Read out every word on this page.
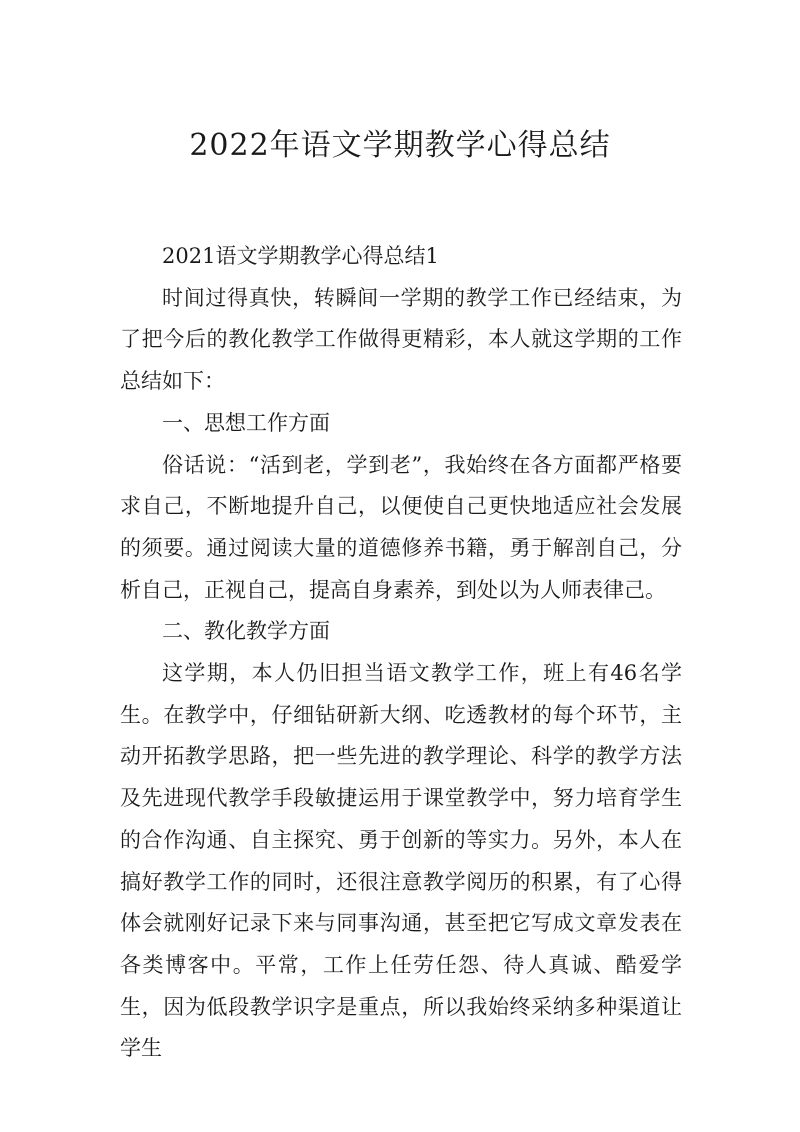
2022年语文学期教学心得总结

2021语文学期教学心得总结1

时间过得真快，转瞬间一学期的教学工作已经结束，为了把今后的教化教学工作做得更精彩，本人就这学期的工作总结如下：

一、思想工作方面

俗话说：“活到老，学到老”，我始终在各方面都严格要求自己，不断地提升自己，以便使自己更快地适应社会发展的须要。通过阅读大量的道德修养书籍，勇于解剖自己，分析自己，正视自己，提高自身素养，到处以为人师表律己。

二、教化教学方面

这学期，本人仍旧担当语文教学工作，班上有46名学生。在教学中，仔细钻研新大纲、吃透教材的每个环节，主动开拓教学思路，把一些先进的教学理论、科学的教学方法及先进现代教学手段敏捷运用于课堂教学中，努力培育学生的合作沟通、自主探究、勇于创新的等实力。另外，本人在搞好教学工作的同时，还很注意教学阅历的积累，有了心得体会就刚好记录下来与同事沟通，甚至把它写成文章发表在各类博客中。平常，工作上任劳任怨、待人真诚、酷爱学生，因为低段教学识字是重点，所以我始终采纳多种渠道让学生
